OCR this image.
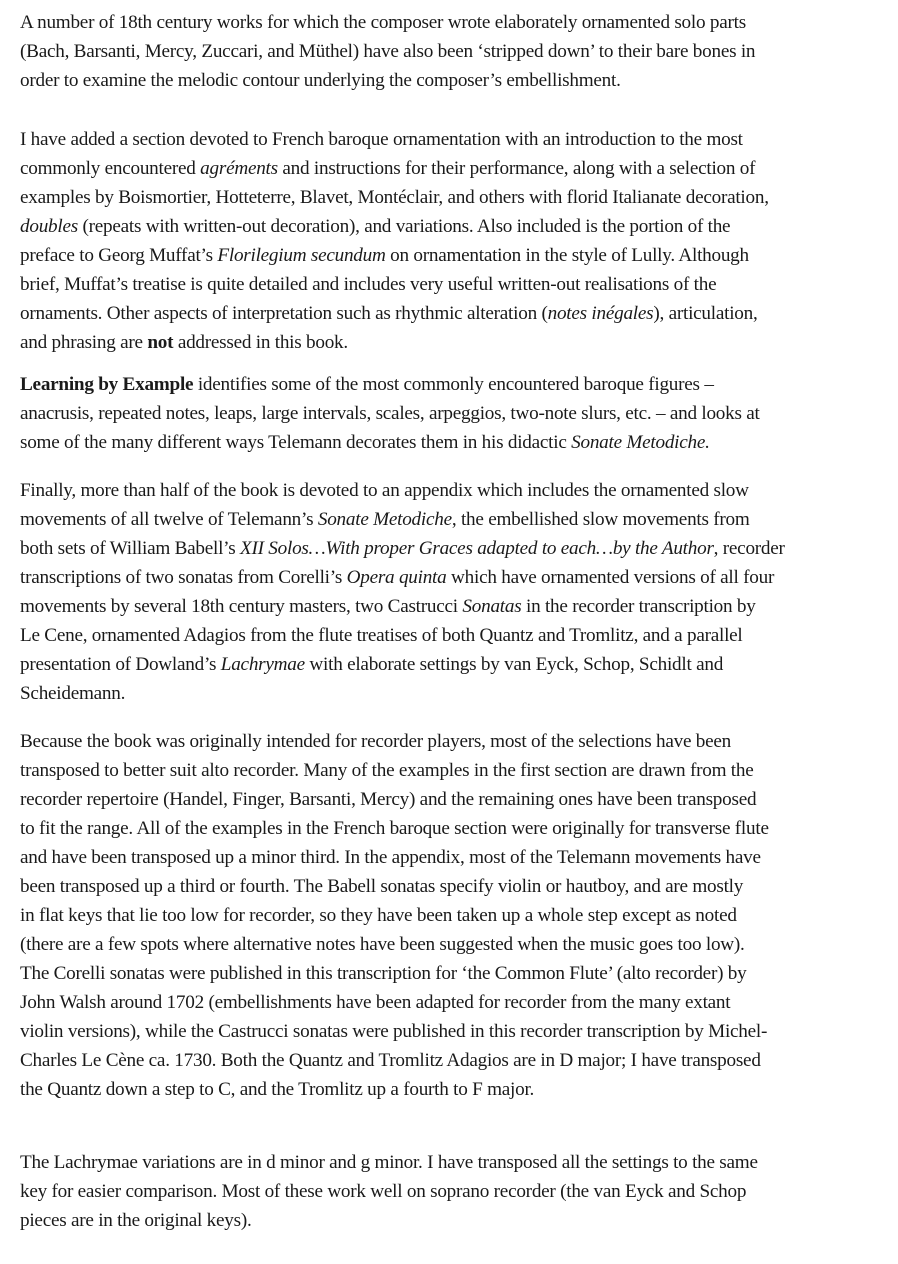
A number of 18th century works for which the composer wrote elaborately ornamented solo parts
(Bach, Barsanti, Mercy, Zuccari, and Müthel) have also been ‘stripped down’ to their bare bones in
order to examine the melodic contour underlying the composer’s embellishment.
I have added a section devoted to French baroque ornamentation with an introduction to the most
commonly encountered agréments and instructions for their performance, along with a selection of
examples by Boismortier, Hotteterre, Blavet, Montéclair, and others with florid Italianate decoration,
doubles (repeats with written-out decoration), and variations. Also included is the portion of the
preface to Georg Muffat’s Florilegium secundum on ornamentation in the style of Lully. Although
brief, Muffat’s treatise is quite detailed and includes very useful written-out realisations of the
ornaments. Other aspects of interpretation such as rhythmic alteration (notes inégales), articulation,
and phrasing are not addressed in this book.
Learning by Example identifies some of the most commonly encountered baroque figures –
anacrusis, repeated notes, leaps, large intervals, scales, arpeggios, two-note slurs, etc. – and looks at
some of the many different ways Telemann decorates them in his didactic Sonate Metodiche.
Finally, more than half of the book is devoted to an appendix which includes the ornamented slow
movements of all twelve of Telemann’s Sonate Metodiche, the embellished slow movements from
both sets of William Babell’s XII Solos…With proper Graces adapted to each…by the Author, recorder
transcriptions of two sonatas from Corelli’s Opera quinta which have ornamented versions of all four
movements by several 18th century masters, two Castrucci Sonatas in the recorder transcription by
Le Cene, ornamented Adagios from the flute treatises of both Quantz and Tromlitz, and a parallel
presentation of Dowland’s Lachrymae with elaborate settings by van Eyck, Schop, Schidlt and
Scheidemann.
Because the book was originally intended for recorder players, most of the selections have been
transposed to better suit alto recorder. Many of the examples in the first section are drawn from the
recorder repertoire (Handel, Finger, Barsanti, Mercy) and the remaining ones have been transposed
to fit the range. All of the examples in the French baroque section were originally for transverse flute
and have been transposed up a minor third. In the appendix, most of the Telemann movements have
been transposed up a third or fourth. The Babell sonatas specify violin or hautboy, and are mostly
in flat keys that lie too low for recorder, so they have been taken up a whole step except as noted
(there are a few spots where alternative notes have been suggested when the music goes too low).
The Corelli sonatas were published in this transcription for ‘the Common Flute’ (alto recorder) by
John Walsh around 1702 (embellishments have been adapted for recorder from the many extant
violin versions), while the Castrucci sonatas were published in this recorder transcription by Michel-
Charles Le Cène ca. 1730. Both the Quantz and Tromlitz Adagios are in D major; I have transposed
the Quantz down a step to C, and the Tromlitz up a fourth to F major.
The Lachrymae variations are in d minor and g minor. I have transposed all the settings to the same
key for easier comparison. Most of these work well on soprano recorder (the van Eyck and Schop
pieces are in the original keys).
